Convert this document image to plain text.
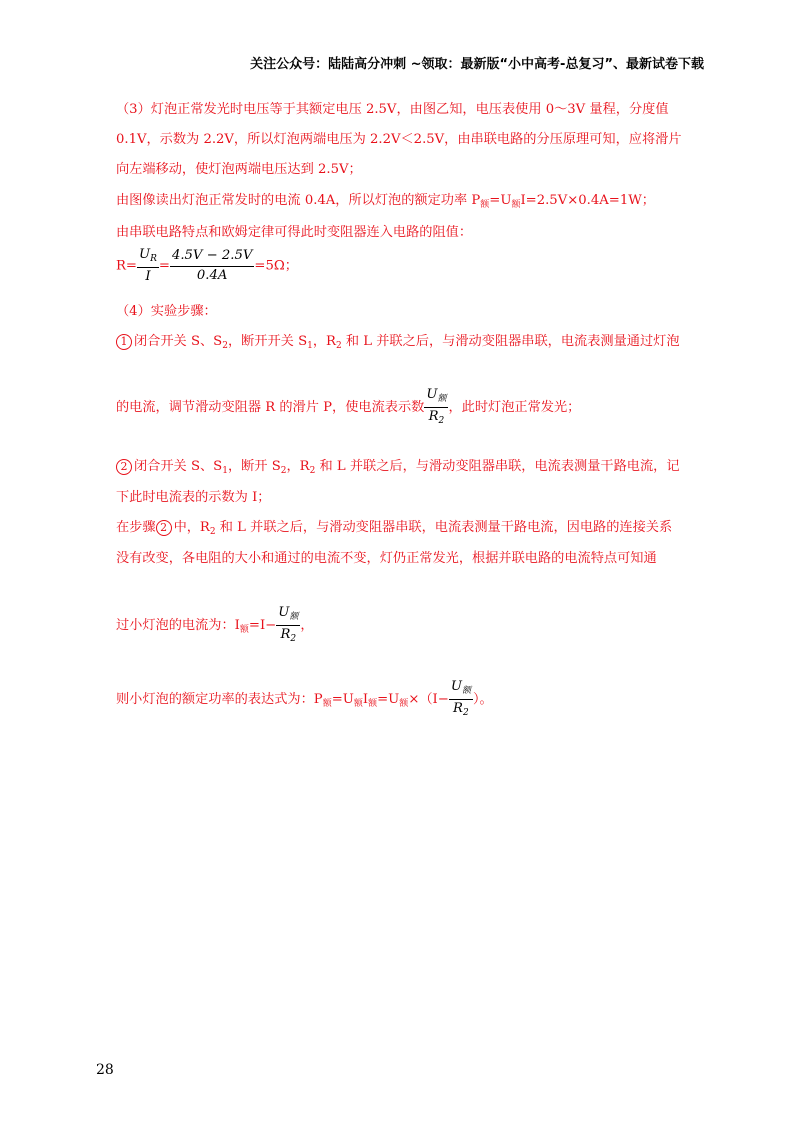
关注公众号：陆陆高分冲刺 ~领取：最新版“小中高考-总复习”、最新试卷下载
（3）灯泡正常发光时电压等于其额定电压 2.5V，由图乙知，电压表使用 0～3V 量程，分度值
0.1V，示数为 2.2V，所以灯泡两端电压为 2.2V＜2.5V，由串联电路的分压原理可知，应将滑片
向左端移动，使灯泡两端电压达到 2.5V；
由图像读出灯泡正常发时的电流 0.4A，所以灯泡的额定功率 $P_额=U_额I=2.5V\times 0.4A=1W$；
由串联电路特点和欧姆定律可得此时变阻器连入电路的阻值：
$R= \frac{U_R}{I} = \frac{4.5V - 2.5V}{0.4A} =5\Omega$；
（4）实验步骤：
1 闭合开关 S、$S_2$，断开开关 $S_1$，$R_2$ 和 L 并联之后，与滑动变阻器串联，电流表测量通过灯泡
的电流，调节滑动变阻器 R 的滑片 P，使电流表示数 $\frac{U_额}{R_2}$ ，此时灯泡正常发光；
2 闭合开关 S、$S_1$，断开 $S_2$，$R_2$ 和 L 并联之后，与滑动变阻器串联，电流表测量干路电流，记
下此时电流表的示数为 I；
在步骤 2 中，$R_2$ 和 L 并联之后，与滑动变阻器串联，电流表测量干路电流，因电路的连接关系
没有改变，各电阻的大小和通过的电流不变，灯仍正常发光，根据并联电路的电流特点可知通
过小灯泡的电流为：$I_额=I- \frac{U_额}{R_2}$ ，
则小灯泡的额定功率的表达式为：$P_额=U_额I_额=U_额\times(I- \frac{U_额}{R_2}$ ）。
28
